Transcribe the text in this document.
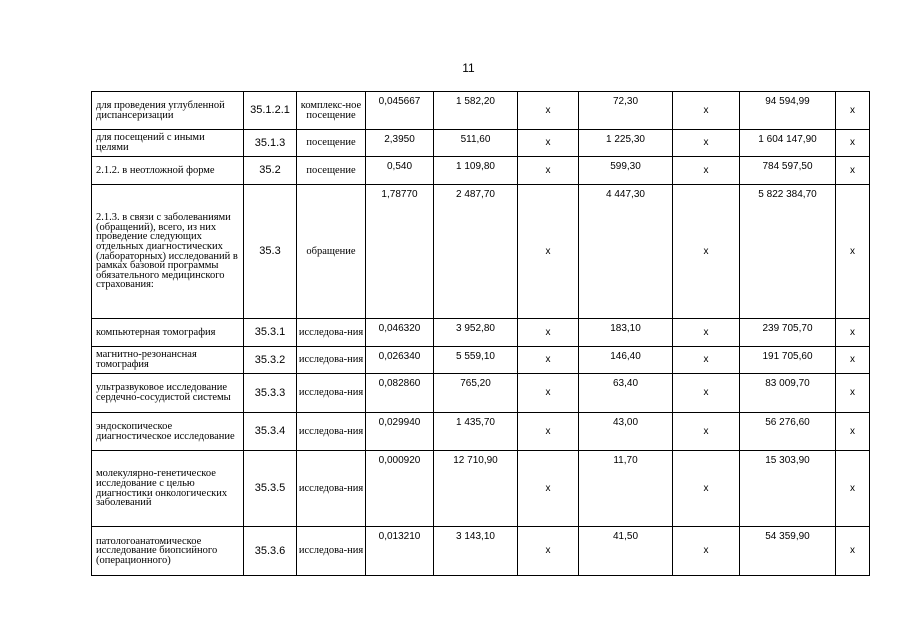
11
для проведения углубленной диспансеризации	35.1.2.1	комплекс-ное посещение	0,045667	1 582,20	х	72,30	х	94 594,99	х
для посещений с иными целями	35.1.3	посещение	2,3950	511,60	х	1 225,30	х	1 604 147,90	х
2.1.2. в неотложной форме	35.2	посещение	0,540	1 109,80	х	599,30	х	784 597,50	х
2.1.3. в связи с заболеваниями (обращений), всего, из них проведение следующих отдельных диагностических (лабораторных) исследований в рамках базовой программы обязательного медицинского страхования:	35.3	обращение	1,78770	2 487,70	х	4 447,30	х	5 822 384,70	х
компьютерная томография	35.3.1	исследова-ния	0,046320	3 952,80	х	183,10	х	239 705,70	х
магнитно-резонансная томография	35.3.2	исследова-ния	0,026340	5 559,10	х	146,40	х	191 705,60	х
ультразвуковое исследование сердечно-сосудистой системы	35.3.3	исследова-ния	0,082860	765,20	х	63,40	х	83 009,70	х
эндоскопическое диагностическое исследование	35.3.4	исследова-ния	0,029940	1 435,70	х	43,00	х	56 276,60	х
молекулярно-генетическое исследование с целью диагностики онкологических заболеваний	35.3.5	исследова-ния	0,000920	12 710,90	х	11,70	х	15 303,90	х
патологоанатомическое исследование биопсийного (операционного)	35.3.6	исследова-ния	0,013210	3 143,10	х	41,50	х	54 359,90	х
